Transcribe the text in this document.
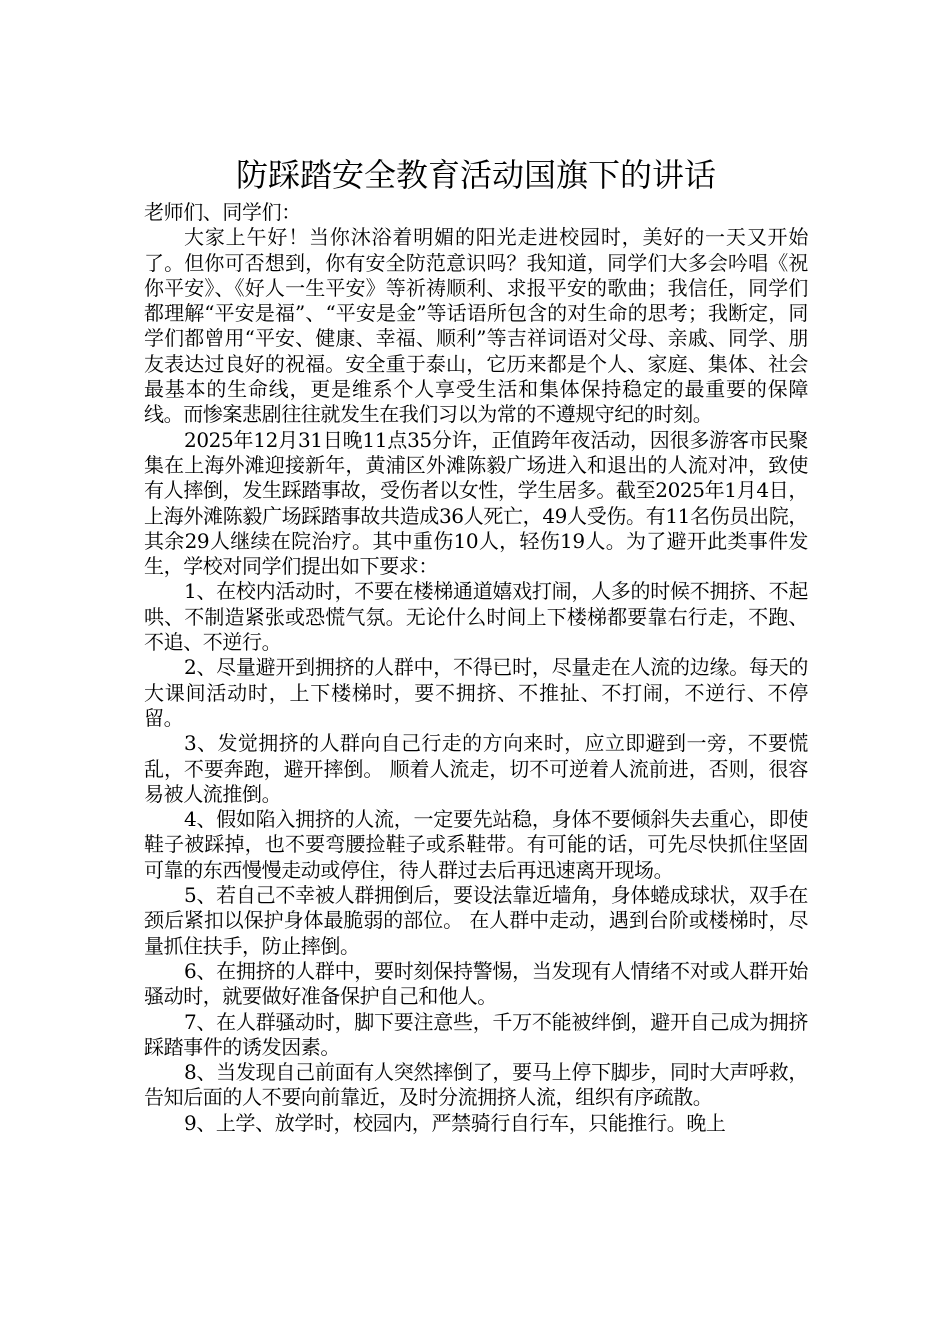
防踩踏安全教育活动国旗下的讲话

老师们、同学们：

大家上午好！当你沐浴着明媚的阳光走进校园时，美好的一天又开始了。但你可否想到，你有安全防范意识吗？我知道，同学们大多会吟唱《祝你平安》、《好人一生平安》等祈祷顺利、求报平安的歌曲；我信任，同学们都理解“平安是福”、“平安是金”等话语所包含的对生命的思考；我断定，同学们都曾用“平安、健康、幸福、顺利”等吉祥词语对父母、亲戚、同学、朋友表达过良好的祝福。安全重于泰山，它历来都是个人、家庭、集体、社会最基本的生命线，更是维系个人享受生活和集体保持稳定的最重要的保障线。而惨案悲剧往往就发生在我们习以为常的不遵规守纪的时刻。

2025年12月31日晚11点35分许，正值跨年夜活动，因很多游客市民聚集在上海外滩迎接新年，黄浦区外滩陈毅广场进入和退出的人流对冲，致使有人摔倒，发生踩踏事故，受伤者以女性，学生居多。截至2025年1月4日，上海外滩陈毅广场踩踏事故共造成36人死亡，49人受伤。有11名伤员出院，其余29人继续在院治疗。其中重伤10人，轻伤19人。为了避开此类事件发生，学校对同学们提出如下要求：

1、在校内活动时，不要在楼梯通道嬉戏打闹，人多的时候不拥挤、不起哄、不制造紧张或恐慌气氛。无论什么时间上下楼梯都要靠右行走，不跑、不追、不逆行。

2、尽量避开到拥挤的人群中，不得已时，尽量走在人流的边缘。每天的大课间活动时，上下楼梯时，要不拥挤、不推扯、不打闹，不逆行、不停留。

3、发觉拥挤的人群向自己行走的方向来时，应立即避到一旁，不要慌乱，不要奔跑，避开摔倒。 顺着人流走，切不可逆着人流前进，否则，很容易被人流推倒。

4、假如陷入拥挤的人流，一定要先站稳，身体不要倾斜失去重心，即使鞋子被踩掉，也不要弯腰捡鞋子或系鞋带。有可能的话，可先尽快抓住坚固可靠的东西慢慢走动或停住，待人群过去后再迅速离开现场。

5、若自己不幸被人群拥倒后，要设法靠近墙角，身体蜷成球状，双手在颈后紧扣以保护身体最脆弱的部位。 在人群中走动，遇到台阶或楼梯时，尽量抓住扶手，防止摔倒。

6、在拥挤的人群中，要时刻保持警惕，当发现有人情绪不对或人群开始骚动时，就要做好准备保护自己和他人。

7、在人群骚动时，脚下要注意些，千万不能被绊倒，避开自己成为拥挤踩踏事件的诱发因素。

8、当发现自己前面有人突然摔倒了，要马上停下脚步，同时大声呼救，告知后面的人不要向前靠近，及时分流拥挤人流，组织有序疏散。

9、上学、放学时，校园内，严禁骑行自行车，只能推行。晚上
